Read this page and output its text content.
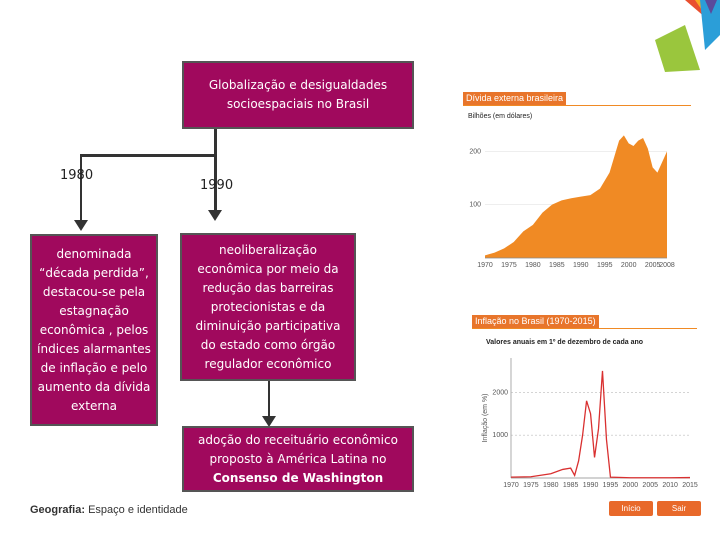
Globalização e desigualdades socioespaciais no Brasil
1980
1990
denominada “década perdida”, destacou-se pela estagnação econômica , pelos índices alarmantes de inflação e pelo aumento da dívida externa
neoliberalização econômica por meio da redução das barreiras protecionistas e da diminuição participativa do estado como órgão regulador econômico
adoção do receituário econômico proposto à América Latina no
Consenso de Washington
Geografia: Espaço e identidade	Início	Sair
Dívida externa brasileira
Bilhões (em dólares)
100
200
1970 1975 1980 1985 1990 1995 2000 2005
2008
Inflação no Brasil (1970-2015)
Valores anuais em 1º de dezembro de cada ano
1000
2000
Inflação (em %)
1970 1975 1980 1985 1990 1995 2000 2005 2010 2015
